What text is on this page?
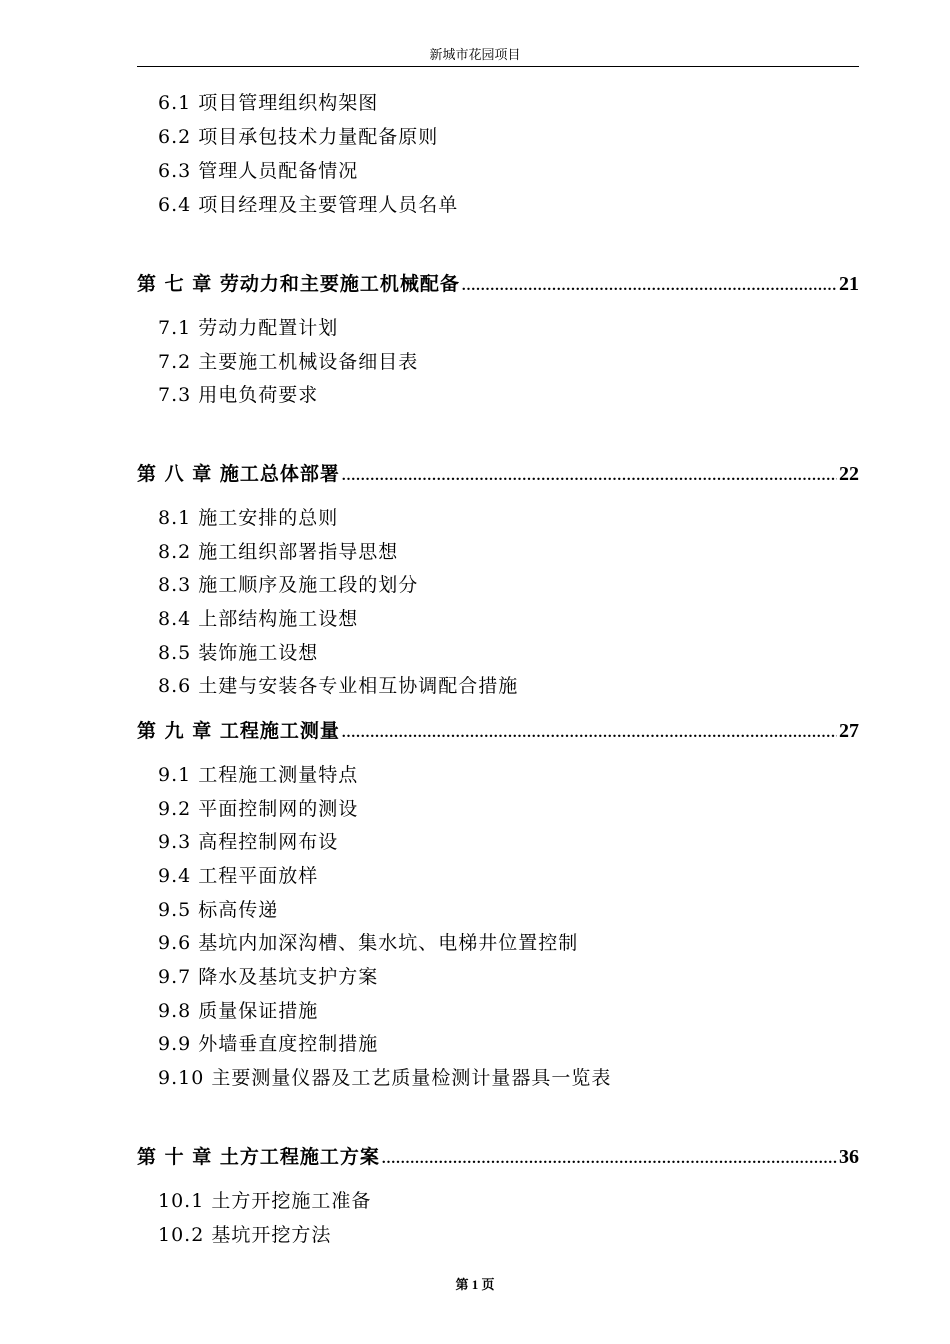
新城市花园项目
6.1 项目管理组织构架图
6.2 项目承包技术力量配备原则
6.3 管理人员配备情况
6.4 项目经理及主要管理人员名单
第 七 章 劳动力和主要施工机械配备 .....	21
7.1 劳动力配置计划
7.2 主要施工机械设备细目表
7.3 用电负荷要求
第 八 章 施工总体部署 .....	22
8.1 施工安排的总则
8.2 施工组织部署指导思想
8.3 施工顺序及施工段的划分
8.4 上部结构施工设想
8.5 装饰施工设想
8.6 土建与安装各专业相互协调配合措施
第 九 章 工程施工测量 .....	27
9.1 工程施工测量特点
9.2 平面控制网的测设
9.3 高程控制网布设
9.4 工程平面放样
9.5 标高传递
9.6 基坑内加深沟槽、集水坑、电梯井位置控制
9.7 降水及基坑支护方案
9.8 质量保证措施
9.9 外墙垂直度控制措施
9.10 主要测量仪器及工艺质量检测计量器具一览表
第 十 章 土方工程施工方案 .....	36
10.1 土方开挖施工准备
10.2 基坑开挖方法
第 1 页
